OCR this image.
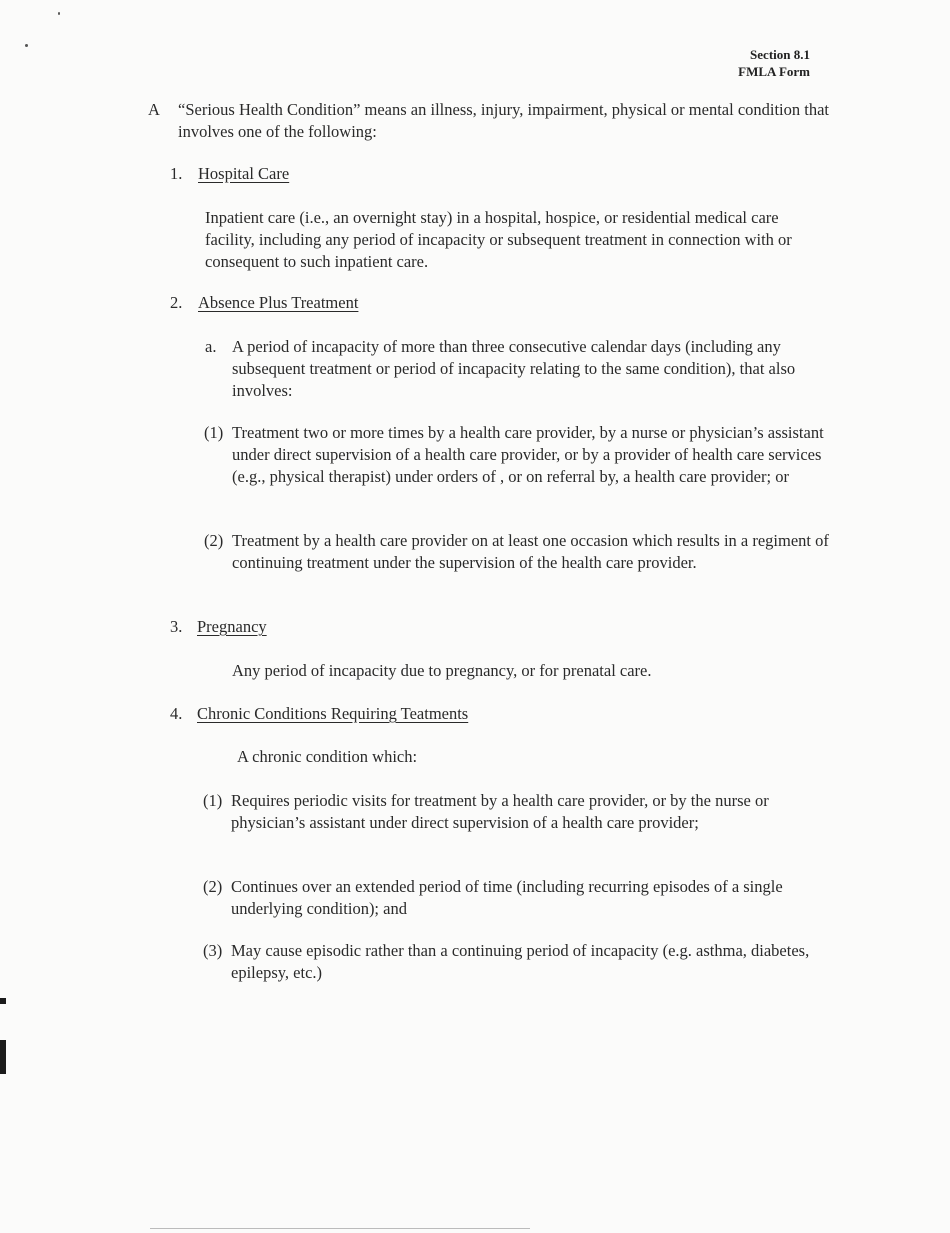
Section 8.1
FMLA Form
A “Serious Health Condition” means an illness, injury, impairment, physical or mental condition that involves one of the following:
1. Hospital Care
Inpatient care (i.e., an overnight stay) in a hospital, hospice, or residential medical care facility, including any period of incapacity or subsequent treatment in connection with or consequent to such inpatient care.
2. Absence Plus Treatment
a. A period of incapacity of more than three consecutive calendar days (including any subsequent treatment or period of incapacity relating to the same condition), that also involves:
(1) Treatment two or more times by a health care provider, by a nurse or physician’s assistant under direct supervision of a health care provider, or by a provider of health care services (e.g., physical therapist) under orders of , or on referral by, a health care provider; or
(2) Treatment by a health care provider on at least one occasion which results in a regiment of continuing treatment under the supervision of the health care provider.
3. Pregnancy
Any period of incapacity due to pregnancy, or for prenatal care.
4. Chronic Conditions Requiring Teatments
A chronic condition which:
(1) Requires periodic visits for treatment by a health care provider, or by the nurse or physician’s assistant under direct supervision of a health care provider;
(2) Continues over an extended period of time (including recurring episodes of a single underlying condition); and
(3) May cause episodic rather than a continuing period of incapacity (e.g. asthma, diabetes, epilepsy, etc.)
